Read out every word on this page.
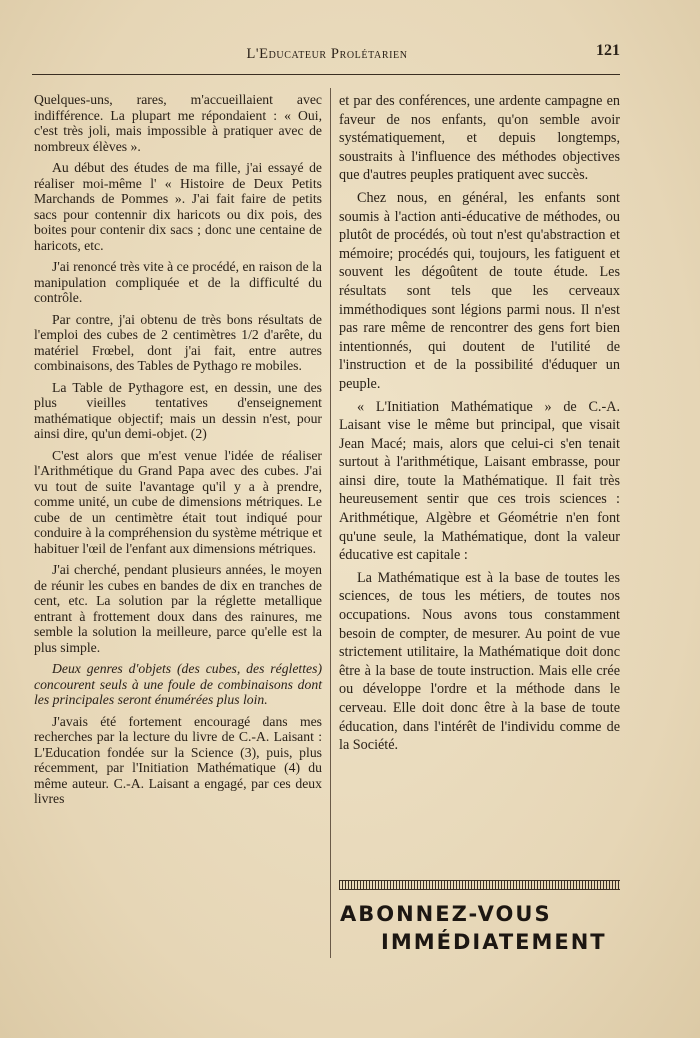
L'Educateur Prolétarien	121

Quelques-uns, rares, m'accueillaient avec indifférence. La plupart me répondaient : « Oui, c'est très joli, mais impossible à pratiquer avec de nombreux élèves ».

Au début des études de ma fille, j'ai essayé de réaliser moi-même l' « Histoire de Deux Petits Marchands de Pommes ». J'ai fait faire de petits sacs pour contennir dix haricots ou dix pois, des boites pour contenir dix sacs ; donc une centaine de haricots, etc.

J'ai renoncé très vite à ce procédé, en raison de la manipulation compliquée et de la difficulté du contrôle.

Par contre, j'ai obtenu de très bons résultats de l'emploi des cubes de 2 centimètres 1/2 d'arête, du matériel Frœbel, dont j'ai fait, entre autres combinaisons, des Tables de Pythago re mobiles.

La Table de Pythagore est, en dessin, une des plus vieilles tentatives d'enseignement mathématique objectif; mais un dessin n'est, pour ainsi dire, qu'un demi-objet. (2)

C'est alors que m'est venue l'idée de réaliser l'Arithmétique du Grand Papa avec des cubes. J'ai vu tout de suite l'avantage qu'il y a à prendre, comme unité, un cube de dimensions métriques. Le cube de un centimètre était tout indiqué pour conduire à la compréhension du système métrique et habituer l'œil de l'enfant aux dimensions métriques.

J'ai cherché, pendant plusieurs années, le moyen de réunir les cubes en bandes de dix en tranches de cent, etc. La solution par la réglette metallique entrant à frottement doux dans des rainures, me semble la solution la meilleure, parce qu'elle est la plus simple.

Deux genres d'objets (des cubes, des réglettes) concourent seuls à une foule de combinaisons dont les principales seront énumérées plus loin.

J'avais été fortement encouragé dans mes recherches par la lecture du livre de C.-A. Laisant : L'Education fondée sur la Science (3), puis, plus récemment, par l'Initiation Mathématique (4) du même auteur. C.-A. Laisant a engagé, par ces deux livres

et par des conférences, une ardente campagne en faveur de nos enfants, qu'on semble avoir systématiquement, et depuis longtemps, soustraits à l'influence des méthodes objectives que d'autres peuples pratiquent avec succès.

Chez nous, en général, les enfants sont soumis à l'action anti-éducative de méthodes, ou plutôt de procédés, où tout n'est qu'abstraction et mémoire; procédés qui, toujours, les fatiguent et souvent les dégoûtent de toute étude. Les résultats sont tels que les cerveaux imméthodiques sont légions parmi nous. Il n'est pas rare même de rencontrer des gens fort bien intentionnés, qui doutent de l'utilité de l'instruction et de la possibilité d'éduquer un peuple.

« L'Initiation Mathématique » de C.-A. Laisant vise le même but principal, que visait Jean Macé; mais, alors que celui-ci s'en tenait surtout à l'arithmétique, Laisant embrasse, pour ainsi dire, toute la Mathématique. Il fait très heureusement sentir que ces trois sciences : Arithmétique, Algèbre et Géométrie n'en font qu'une seule, la Mathématique, dont la valeur éducative est capitale :

La Mathématique est à la base de toutes les sciences, de tous les métiers, de toutes nos occupations. Nous avons tous constamment besoin de compter, de mesurer. Au point de vue strictement utilitaire, la Mathématique doit donc être à la base de toute instruction. Mais elle crée ou développe l'ordre et la méthode dans le cerveau. Elle doit donc être à la base de toute éducation, dans l'intérêt de l'individu comme de la Société.

ABONNEZ-VOUS
IMMÉDIATEMENT
